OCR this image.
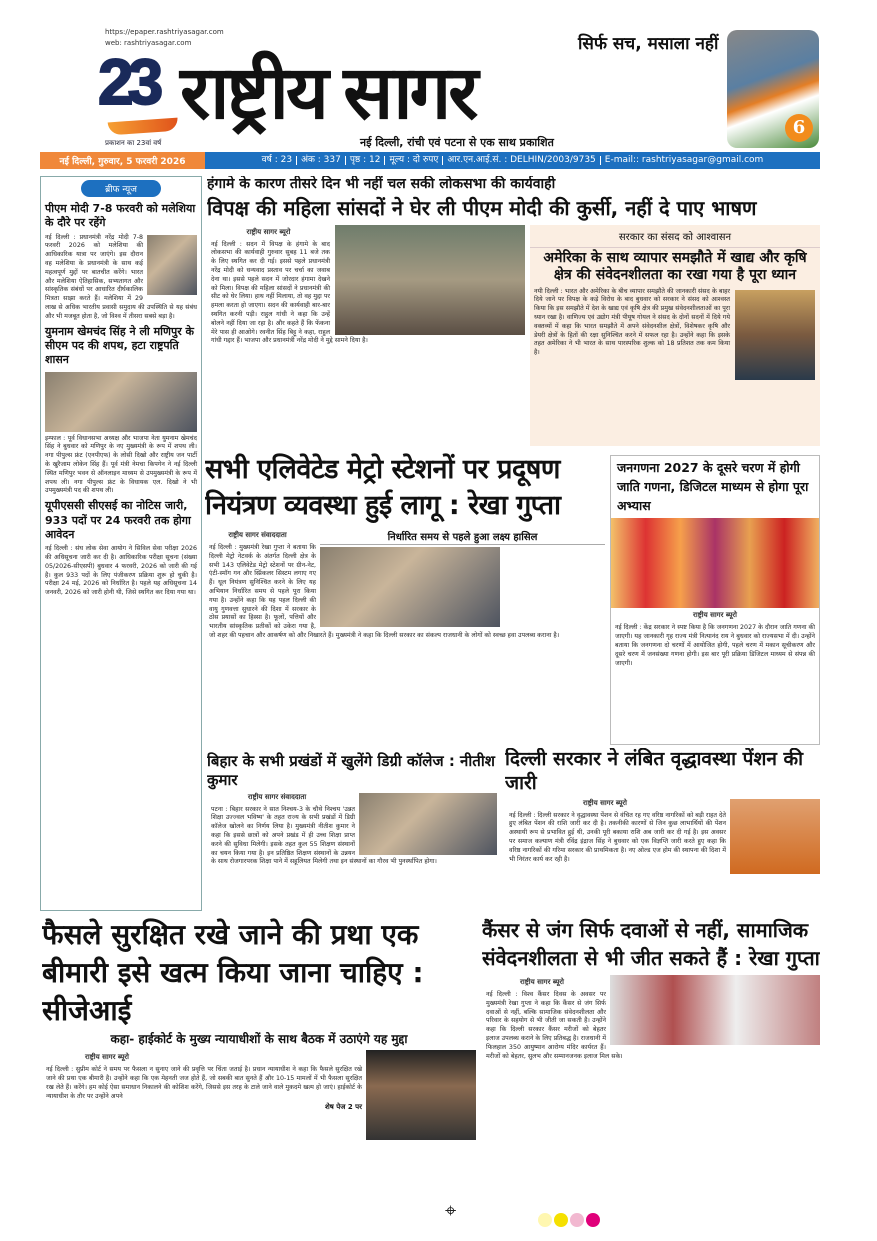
https://epaper.rashtriyasagar.com
web: rashtriyasagar.com
23
प्रकाशन का 23वां वर्ष
राष्ट्रीय सागर
सिर्फ सच, मसाला नहीं
नई दिल्ली, रांची एवं पटना से एक साथ प्रकाशित
6
नई दिल्ली, गुरुवार, 5 फरवरी 2026	वर्ष : 23	अंक : 337	पृष्ठ : 12	मूल्य : दो रुपए	आर.एन.आई.सं. : DELHIN/2003/9735	E-mail:: rashtriyasagar@gmail.com
ब्रीफ न्यूज
पीएम मोदी 7-8 फरवरी को मलेशिया के दौरे पर रहेंगे

नई दिल्ली : प्रधानमंत्री नरेंद्र मोदी 7-8 फरवरी 2026 को मलेशिया की आधिकारिक यात्रा पर जाएंगे। इस दौरान वह मलेशिया के प्रधानमंत्री के साथ कई महत्वपूर्ण मुद्दों पर बातचीत करेंगे। भारत और मलेशिया ऐतिहासिक, सभ्यतागत और सांस्कृतिक संबंधों पर आधारित दीर्घकालिक मित्रता साझा करते हैं। मलेशिया में 29 लाख से अधिक भारतीय प्रवासी समुदाय की उपस्थिति से यह संबंध और भी मजबूत होता है, जो विश्व में तीसरा सबसे बड़ा है।

युमनाम खेमचंद सिंह ने ली मणिपुर के सीएम पद की शपथ, हटा राष्ट्रपति शासन

इम्फाल : पूर्व विधानसभा अध्यक्ष और भाजपा नेता युमनाम खेमचंद सिंह ने बुधवार को मणिपुर के नए मुख्यमंत्री के रूप में शपथ ली। नगा पीपुल्स फ्रंट (एनपीएफ) के लोसी दिखो और राष्ट्रीय जन पार्टी के खुरैजाम लोकेन सिंह हैं। पूर्व मंत्री नेमचा किपगेन ने नई दिल्ली स्थित मणिपुर भवन से ऑनलाइन माध्यम से उपमुख्यमंत्री के रूप में शपथ ली। नगा पीपुल्स फ्रंट के विधायक एल. दिखो ने भी उपमुख्यमंत्री पद की शपथ ली।

यूपीएससी सीएसई का नोटिस जारी, 933 पदों पर 24 फरवरी तक होगा आवेदन

नई दिल्ली : संघ लोक सेवा आयोग ने सिविल सेवा परीक्षा 2026 की अधिसूचना जारी कर दी है। आधिकारिक परीक्षा सूचना (संख्या 05/2026-सीएसपी) बुधवार 4 फरवरी, 2026 को जारी की गई है। कुल 933 पदों के लिए पंजीकरण प्रक्रिया शुरू हो चुकी है। परीक्षा 24 मई, 2026 को निर्धारित है। पहले यह अधिसूचना 14 जनवरी, 2026 को जारी होनी थी, जिसे स्थगित कर दिया गया था।

हंगामे के कारण तीसरे दिन भी नहीं चल सकी लोकसभा की कार्यवाही
विपक्ष की महिला सांसदों ने घेर ली पीएम मोदी की कुर्सी, नहीं दे पाए भाषण
राष्ट्रीय सागर ब्यूरो

नई दिल्ली : सदन में विपक्ष के हंगामे के बाद लोकसभा की कार्यवाही गुरुवार सुबह 11 बजे तक के लिए स्थगित कर दी गई। इससे पहले प्रधानमंत्री नरेंद्र मोदी को धन्यवाद प्रस्ताव पर चर्चा का जवाब देना था। इससे पहले सदन में जोरदार हंगामा देखने को मिला। विपक्ष की महिला सांसदों ने प्रधानमंत्री की सीट को घेर लिया। हाथ नहीं मिलाया, तो वह मुद्दा पर हमला करता हो जाएगा। सदन की कार्यवाही बार-बार स्थगित करनी पड़ी। राहुल गांधी ने कहा कि उन्हें बोलने नहीं दिया जा रहा है। और कहते हैं कि फेंकना मेरे पास ही आओगे। रवनीत सिंह बिट्टू ने कहा, राहुल गांधी गद्दार हैं। भाजपा और प्रधानमंत्री नरेंद्र मोदी ने मुद्दे सामने दिया है।

सरकार का संसद को आश्वासन
अमेरिका के साथ व्यापार समझौते में खाद्य और कृषि क्षेत्र की संवेदनशीलता का रखा गया है पूरा ध्यान

नयी दिल्ली : भारत और अमेरिका के बीच व्यापार समझौते की जानकारी संसद के बाहर दिये जाने पर विपक्ष के कड़े विरोध के बाद बुधवार को सरकार ने संसद को आश्वस्त किया कि इस समझौते में देश के खाद्य एवं कृषि क्षेत्र की प्रमुख संवेदनशीलताओं का पूरा ध्यान रखा है। वाणिज्य एवं उद्योग मंत्री पीयूष गोयल ने संसद के दोनों सदनों में दिये गये वक्तव्यों में कहा कि भारत समझौते में अपने संवेदनशील क्षेत्रों, विशेषकर कृषि और डेयरी क्षेत्रों के हितों की रक्षा सुनिश्चित करने में सफल रहा है। उन्होंने कहा कि इसके तहत अमेरिका ने भी भारत के साथ पारस्परिक शुल्क को 18 प्रतिशत तक कम किया है।

सभी एलिवेटेड मेट्रो स्टेशनों पर प्रदूषण नियंत्रण व्यवस्था हुई लागू : रेखा गुप्ता
निर्धारित समय से पहले हुआ लक्ष्य हासिल
राष्ट्रीय सागर संवाददाता

नई दिल्ली : मुख्यमंत्री रेखा गुप्ता ने बताया कि दिल्ली मेट्रो नेटवर्क के अंतर्गत दिल्ली क्षेत्र के सभी 143 एलिवेटेड मेट्रो स्टेशनों पर ग्रीन-नेट, एंटी-स्मॉग गन और स्प्रिंकलर सिस्टम लगाए गए हैं। धूल नियंत्रण सुनिश्चित करने के लिए यह अभियान निर्धारित समय से पहले पूरा किया गया है। उन्होंने कहा कि यह पहल दिल्ली की वायु गुणवत्ता सुधारने की दिशा में सरकार के ठोस प्रयासों का हिस्सा है। फूलों, पत्तियों और भारतीय सांस्कृतिक प्रतीकों को उकेरा गया है, जो शहर की पहचान और आकर्षण को और निखारते हैं। मुख्यमंत्री ने कहा कि दिल्ली सरकार का संकल्प राजधानी के लोगों को स्वच्छ हवा उपलब्ध कराना है।

जनगणना 2027 के दूसरे चरण में होगी जाति गणना, डिजिटल माध्यम से होगा पूरा अभ्यास
राष्ट्रीय सागर ब्यूरो

नई दिल्ली : केंद्र सरकार ने स्पष्ट किया है कि जनगणना 2027 के दौरान जाति गणना की जाएगी। यह जानकारी गृह राज्य मंत्री नित्यानंद राय ने बुधवार को राज्यसभा में दी। उन्होंने बताया कि जनगणना दो चरणों में आयोजित होगी, पहले चरण में मकान सूचीकरण और दूसरे चरण में जनसंख्या गणना होगी। इस बार पूरी प्रक्रिया डिजिटल माध्यम से संपन्न की जाएगी।

बिहार के सभी प्रखंडों में खुलेंगे डिग्री कॉलेज : नीतीश कुमार
राष्ट्रीय सागर संवाददाता

पटना : बिहार सरकार ने सात निश्चय-3 के चौथे निश्चय 'उन्नत शिक्षा उज्ज्वल भविष्य' के तहत राज्य के सभी प्रखंडों में डिग्री कॉलेज खोलने का निर्णय लिया है। मुख्यमंत्री नीतीश कुमार ने कहा कि इससे छात्रों को अपने प्रखंड में ही उच्च शिक्षा प्राप्त करने की सुविधा मिलेगी। इसके तहत कुल 55 शिक्षण संस्थानों का चयन किया गया है। इन प्रतिष्ठित शिक्षण संस्थानों के उन्नयन के साथ रोजगारपरक शिक्षा पाने में सहूलियत मिलेगी तथा इन संस्थानों का गौरव भी पुनर्स्थापित होगा।

दिल्ली सरकार ने लंबित वृद्धावस्था पेंशन की जारी
राष्ट्रीय सागर ब्यूरो

नई दिल्ली : दिल्ली सरकार ने वृद्धावस्था पेंशन से वंचित रह गए वरिष्ठ नागरिकों को बड़ी राहत देते हुए लंबित पेंशन की राशि जारी कर दी है। तकनीकी कारणों से जिन कुछ लाभार्थियों की पेंशन अस्थायी रूप से प्रभावित हुई थी, उनकी पूरी बकाया राशि अब जारी कर दी गई है। इस अवसर पर समाज कल्याण मंत्री रविंद्र इंद्राज सिंह ने बुधवार को एक विज्ञप्ति जारी करते हुए कहा कि वरिष्ठ नागरिकों की गरिमा सरकार की प्राथमिकता है। नए ओल्ड एज होम की स्थापना की दिशा में भी निरंतर कार्य कर रही है।

फैसले सुरक्षित रखे जाने की प्रथा एक बीमारी इसे खत्म किया जाना चाहिए : सीजेआई
कहा- हाईकोर्ट के मुख्य न्यायाधीशों के साथ बैठक में उठाएंगे यह मुद्दा
राष्ट्रीय सागर ब्यूरो

नई दिल्ली : सुप्रीम कोर्ट ने समय पर फैसला न सुनाए जाने की प्रवृत्ति पर चिंता जताई है। प्रधान न्यायाधीश ने कहा कि फैसले सुरक्षित रखे जाने की प्रथा एक बीमारी है। उन्होंने कहा कि एक मेहनती जज होते हैं, जो सबकी बात सुनते हैं और 10-15 मामलों में भी फैसला सुरक्षित रख लेते हैं। करेंगे। हम कोई ऐसा समाधान निकालने की कोशिश करेंगे, जिससे इस तरह के टाले जाने वाले मुकदमे खत्म हो जाएं। हाईकोर्ट के न्यायाधीश के तौर पर उन्होंने अपने

शेष पेज 2 पर
कैंसर से जंग सिर्फ दवाओं से नहीं, सामाजिक संवेदनशीलता से भी जीत सकते हैं : रेखा गुप्ता
राष्ट्रीय सागर ब्यूरो

नई दिल्ली : विश्व कैंसर दिवस के अवसर पर मुख्यमंत्री रेखा गुप्ता ने कहा कि कैंसर से जंग सिर्फ दवाओं से नहीं, बल्कि सामाजिक संवेदनशीलता और परिवार के सहयोग से भी जीती जा सकती है। उन्होंने कहा कि दिल्ली सरकार कैंसर मरीजों को बेहतर इलाज उपलब्ध कराने के लिए प्रतिबद्ध है। राजधानी में फिलहाल 350 आयुष्मान आरोग्य मंदिर कार्यरत हैं। मरीजों को बेहतर, सुलभ और सम्मानजनक इलाज मिल सके।

⌖
